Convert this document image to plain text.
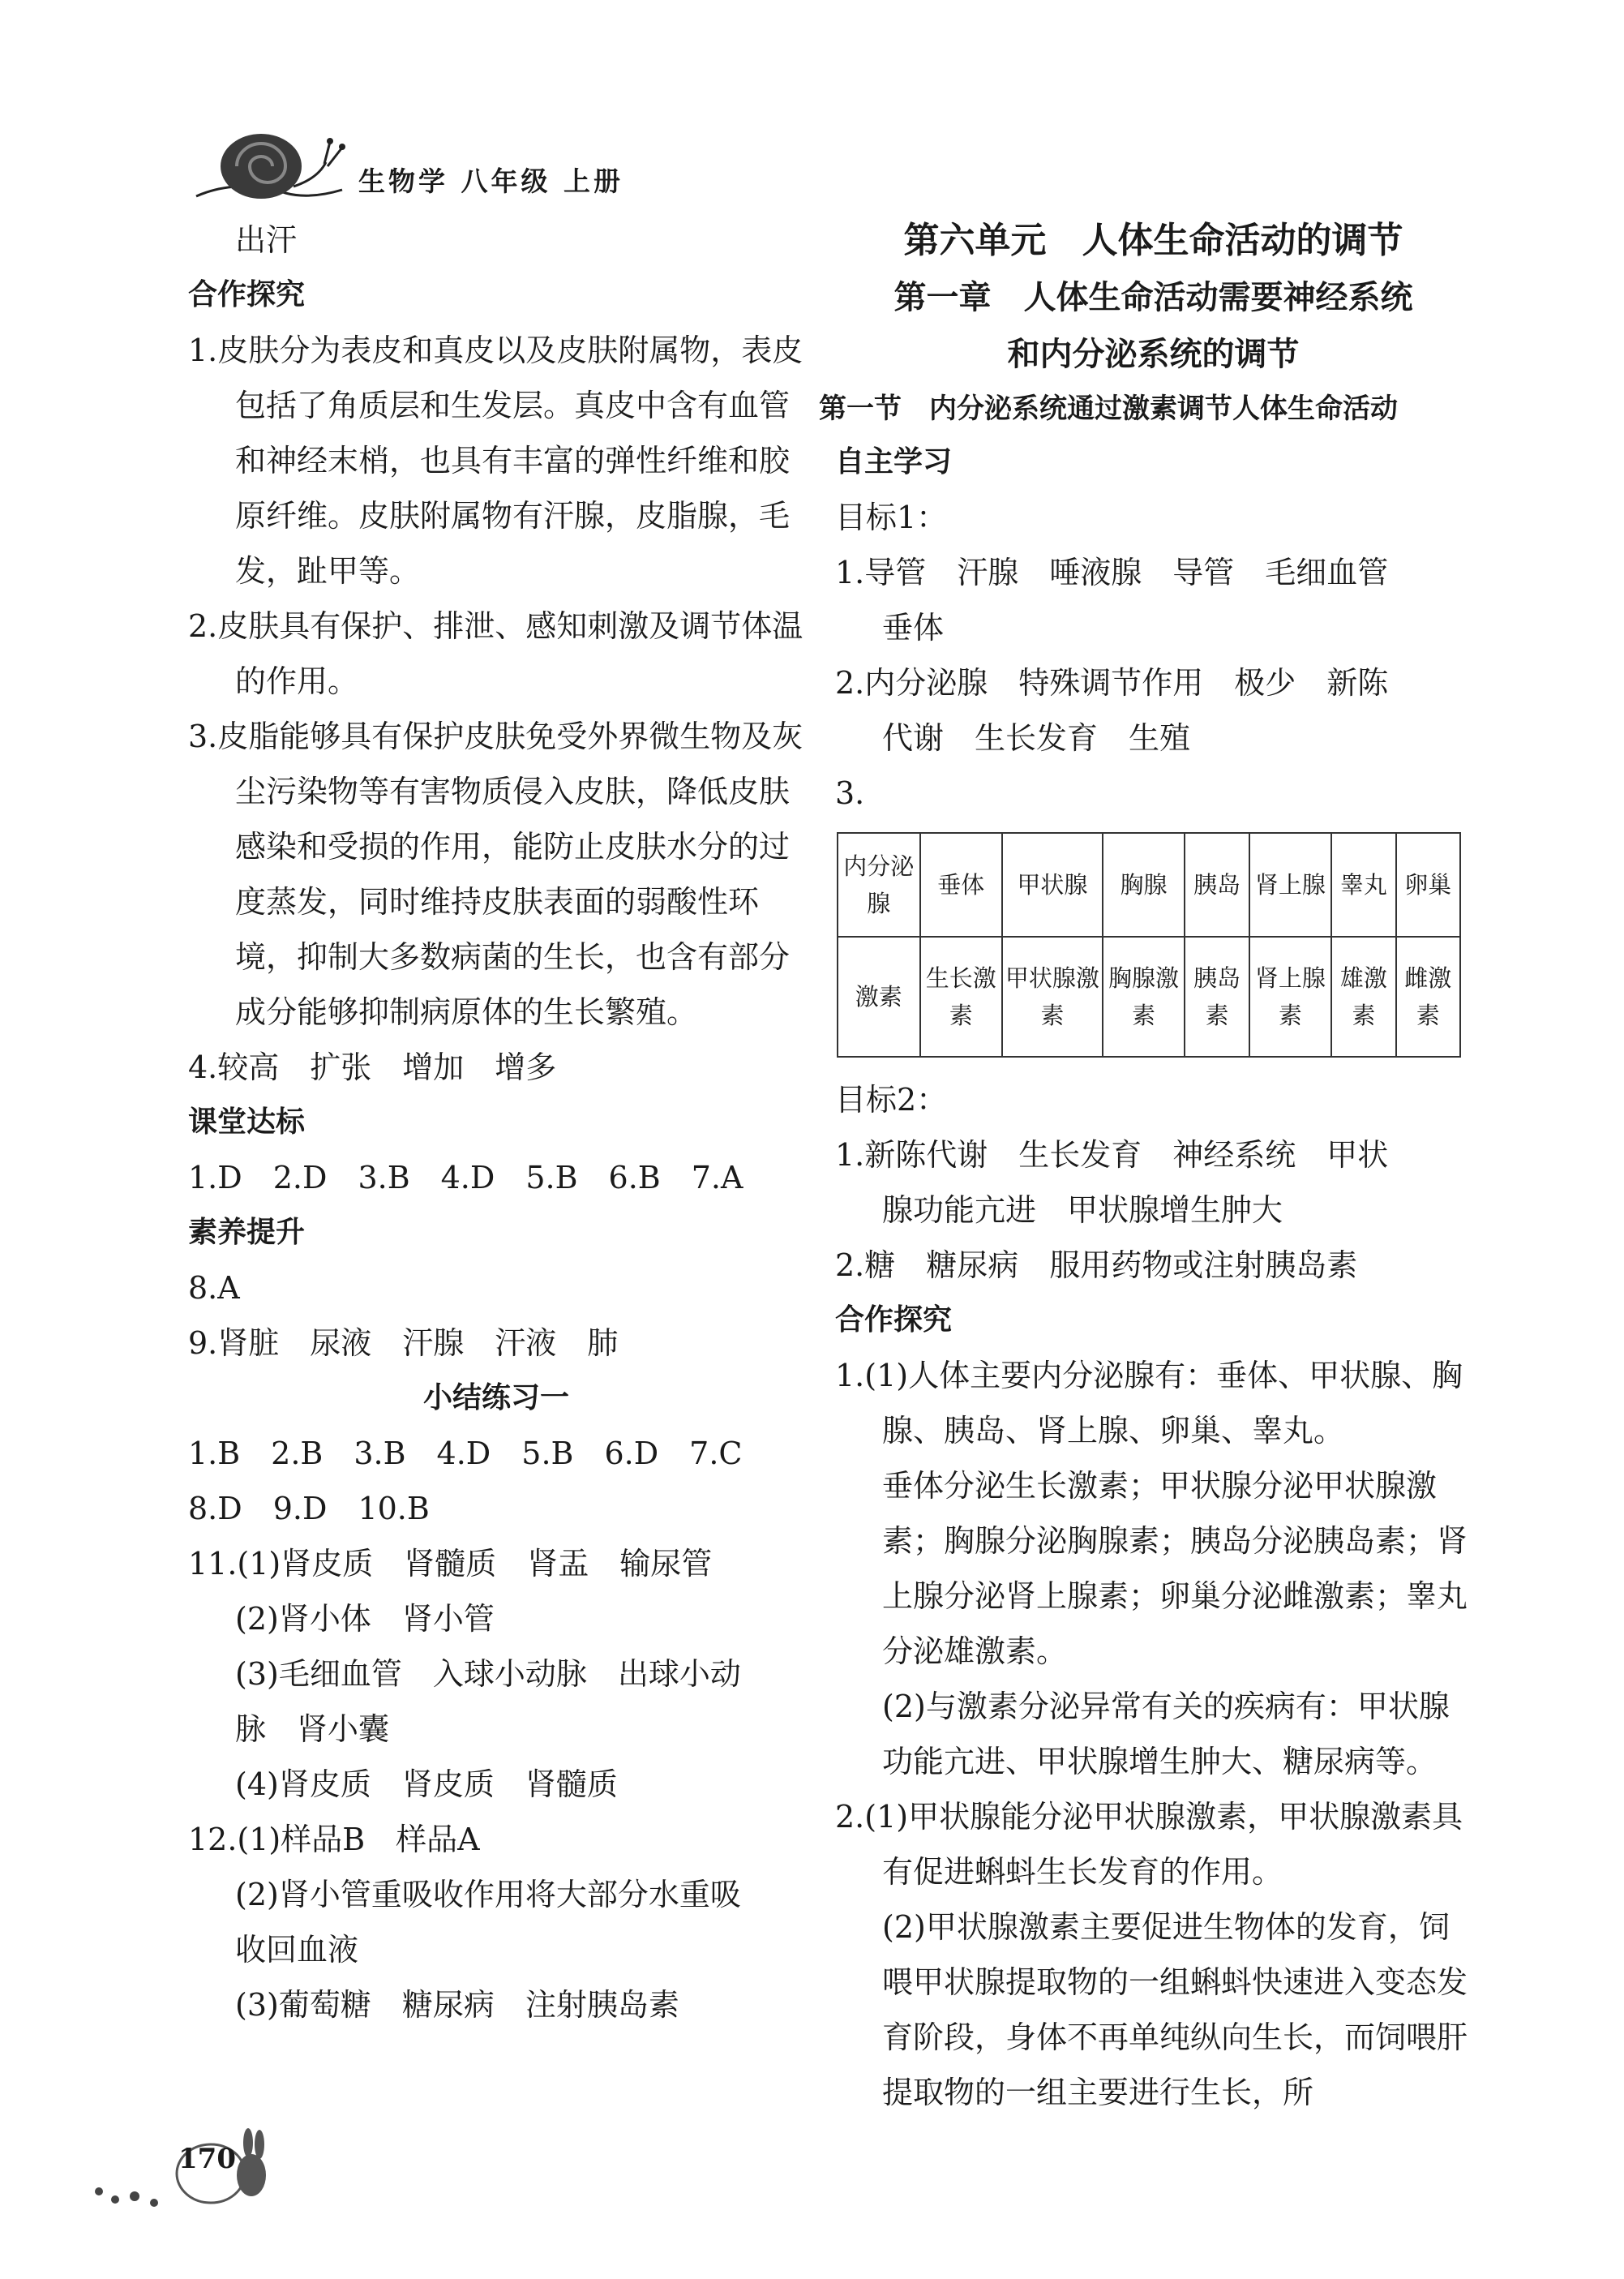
生物学 八年级 上册
出汗
合作探究
1.皮肤分为表皮和真皮以及皮肤附属物，表皮包括了角质层和生发层。真皮中含有血管和神经末梢，也具有丰富的弹性纤维和胶原纤维。皮肤附属物有汗腺，皮脂腺，毛发，趾甲等。
2.皮肤具有保护、排泄、感知刺激及调节体温的作用。
3.皮脂能够具有保护皮肤免受外界微生物及灰尘污染物等有害物质侵入皮肤，降低皮肤感染和受损的作用，能防止皮肤水分的过度蒸发，同时维持皮肤表面的弱酸性环境，抑制大多数病菌的生长，也含有部分成分能够抑制病原体的生长繁殖。
4.较高　扩张　增加　增多
课堂达标
1.D　2.D　3.B　4.D　5.B　6.B　7.A
素养提升
8.A
9.肾脏　尿液　汗腺　汗液　肺
小结练习一
1.B　2.B　3.B　4.D　5.B　6.D　7.C
8.D　9.D　10.B
11.(1)肾皮质　肾髓质　肾盂　输尿管
(2)肾小体　肾小管
(3)毛细血管　入球小动脉　出球小动
脉　肾小囊
(4)肾皮质　肾皮质　肾髓质
12.(1)样品B　样品A
(2)肾小管重吸收作用将大部分水重吸
收回血液
(3)葡萄糖　糖尿病　注射胰岛素
第六单元　人体生命活动的调节
第一章　人体生命活动需要神经系统
和内分泌系统的调节
第一节　内分泌系统通过激素调节人体生命活动
自主学习
目标1：
1.导管　汗腺　唾液腺　导管　毛细血管
垂体
2.内分泌腺　特殊调节作用　极少　新陈
代谢　生长发育　生殖
3.
内分泌腺	垂体	甲状腺	胸腺	胰岛	肾上腺	睾丸	卵巢
激素	生长激素	甲状腺激素	胸腺激素	胰岛素	肾上腺素	雄激素	雌激素
目标2：
1.新陈代谢　生长发育　神经系统　甲状
腺功能亢进　甲状腺增生肿大
2.糖　糖尿病　服用药物或注射胰岛素
合作探究
1.(1)人体主要内分泌腺有：垂体、甲状腺、胸腺、胰岛、肾上腺、卵巢、睾丸。
垂体分泌生长激素；甲状腺分泌甲状腺激素；胸腺分泌胸腺素；胰岛分泌胰岛素；肾上腺分泌肾上腺素；卵巢分泌雌激素；睾丸分泌雄激素。
(2)与激素分泌异常有关的疾病有：甲状腺功能亢进、甲状腺增生肿大、糖尿病等。
2.(1)甲状腺能分泌甲状腺激素，甲状腺激素具有促进蝌蚪生长发育的作用。
(2)甲状腺激素主要促进生物体的发育，饲喂甲状腺提取物的一组蝌蚪快速进入变态发育阶段，身体不再单纯纵向生长，而饲喂肝提取物的一组主要进行生长，所
170
